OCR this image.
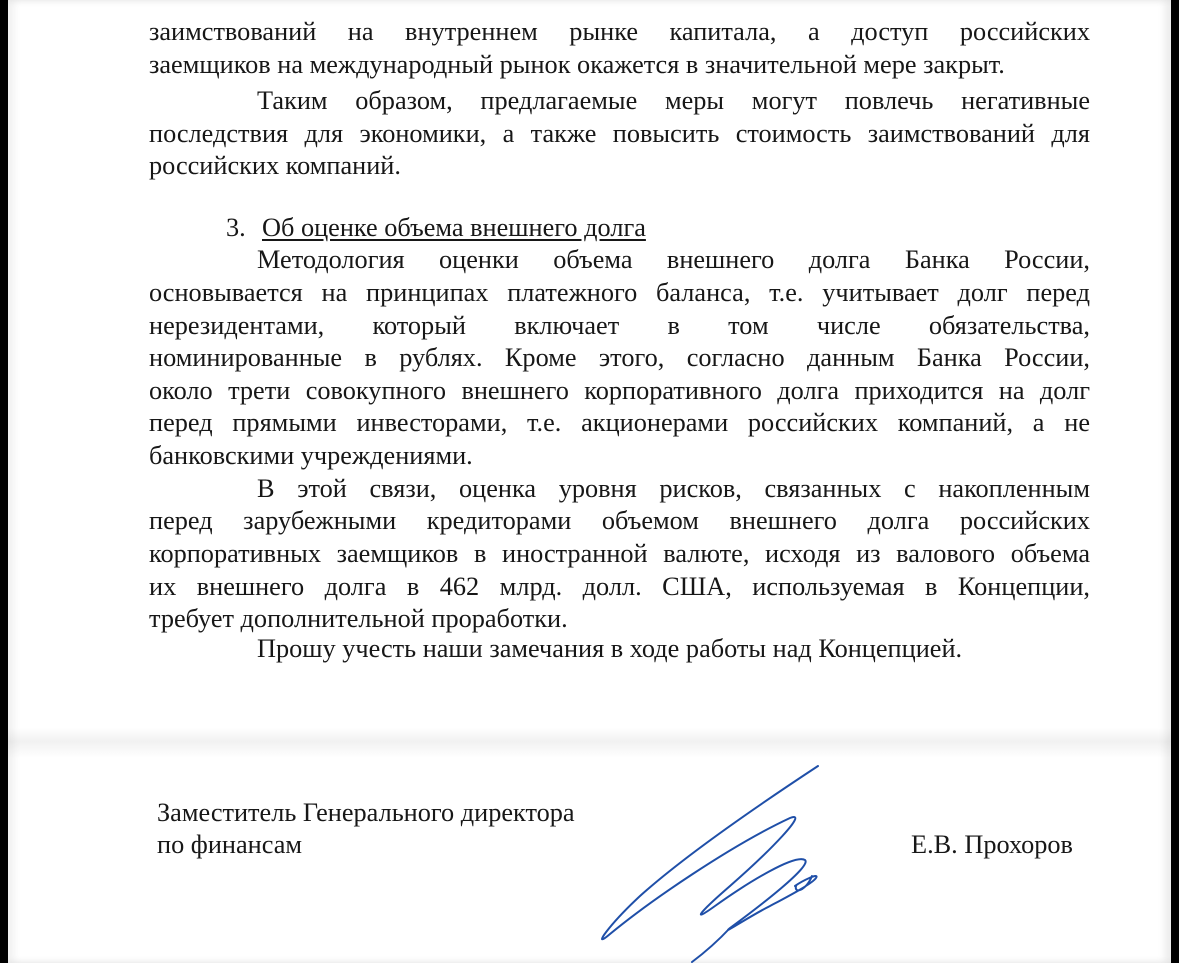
заимствований на внутреннем рынке капитала, а доступ российских
заемщиков на международный рынок окажется в значительной мере закрыт.
Таким образом, предлагаемые меры могут повлечь негативные
последствия для экономики, а также повысить стоимость заимствований для
российских компаний.
3. Об оценке объема внешнего долга
Методология оценки объема внешнего долга Банка России,
основывается на принципах платежного баланса, т.е. учитывает долг перед
нерезидентами, который включает в том числе обязательства,
номинированные в рублях. Кроме этого, согласно данным Банка России,
около трети совокупного внешнего корпоративного долга приходится на долг
перед прямыми инвесторами, т.е. акционерами российских компаний, а не
банковскими учреждениями.
В этой связи, оценка уровня рисков, связанных с накопленным
перед зарубежными кредиторами объемом внешнего долга российских
корпоративных заемщиков в иностранной валюте, исходя из валового объема
их внешнего долга в 462 млрд. долл. США, используемая в Концепции,
требует дополнительной проработки.
Прошу учесть наши замечания в ходе работы над Концепцией.
Заместитель Генерального директора
по финансам	Е.В. Прохоров
